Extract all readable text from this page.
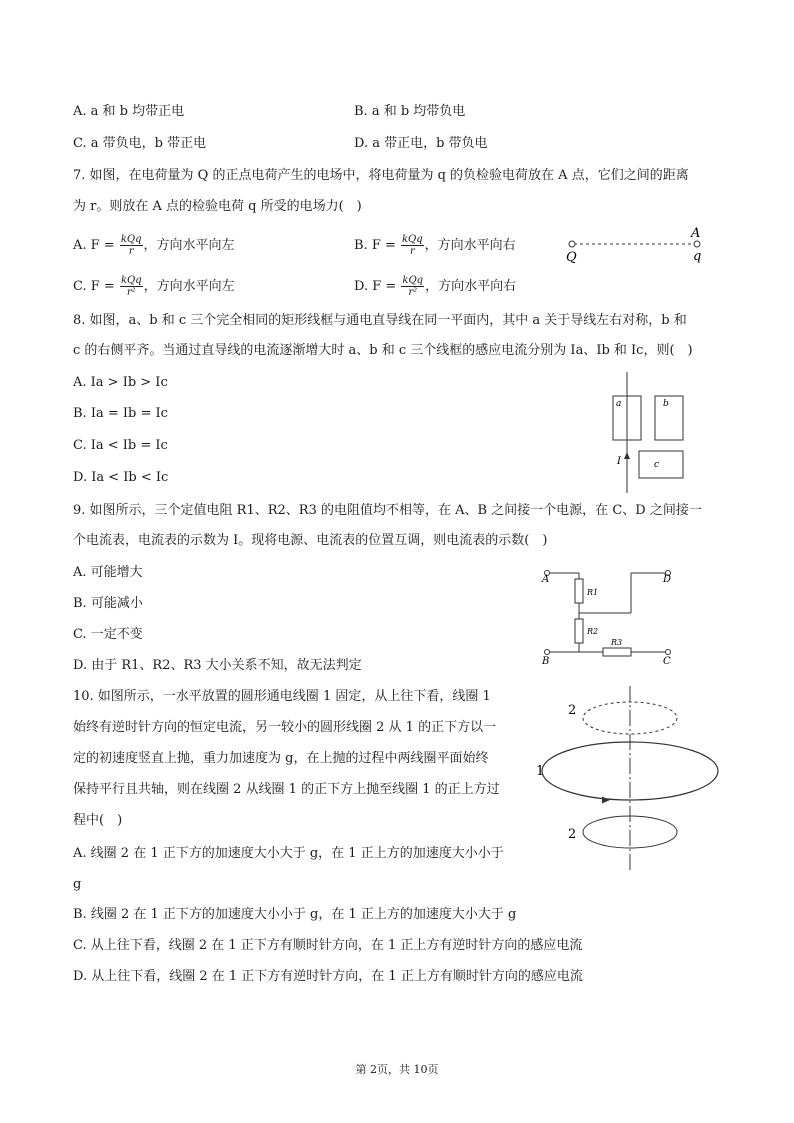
A. a 和 b 均带正电	B. a 和 b 均带负电
C. a 带负电，b 带正电	D. a 带正电，b 带负电
7. 如图，在电荷量为 Q 的正点电荷产生的电场中，将电荷量为 q 的负检验电荷放在 A 点，它们之间的距离
为 r。则放在 A 点的检验电荷 q 所受的电场力(　)
A. $F = \frac{\text{kQq}}{r}$ ，方向水平向左	B. $F = \frac{\text{kQq}}{r}$ ，方向水平向右
C. $F = \frac{\text{kQq}}{\text{r²}}$ ，方向水平向左	D. $F = \frac{\text{kQq}}{\text{r²}}$ ，方向水平向右
A
Q	q
8. 如图，a、b 和 c 三个完全相同的矩形线框与通电直导线在同一平面内，其中 a 关于导线左右对称，b 和
c 的右侧平齐。当通过直导线的电流逐渐增大时 a、b 和 c 三个线框的感应电流分别为 Ia、Ib 和 Ic，则(　)
A. Ia > Ib > Ic
B. Ia = Ib = Ic
C. Ia < Ib = Ic
D. Ia < Ib < Ic
a	b
c
I
9. 如图所示，三个定值电阻 R1、R2、R3 的电阻值均不相等，在 A、B 之间接一个电源，在 C、D 之间接一
个电流表，电流表的示数为 I。现将电源、电流表的位置互调，则电流表的示数(　)
A. 可能增大
B. 可能减小
C. 一定不变
D. 由于 R1、R2、R3 大小关系不知，故无法判定
A	D
B	C
R1
R2
R3
10. 如图所示，一水平放置的圆形通电线圈 1 固定，从上往下看，线圈 1
始终有逆时针方向的恒定电流，另一较小的圆形线圈 2 从 1 的正下方以一
定的初速度竖直上抛，重力加速度为 g，在上抛的过程中两线圈平面始终
保持平行且共轴，则在线圈 2 从线圈 1 的正下方上抛至线圈 1 的正上方过
程中(　)
A. 线圈 2 在 1 正下方的加速度大小大于 g，在 1 正上方的加速度大小小于
g
B. 线圈 2 在 1 正下方的加速度大小小于 g，在 1 正上方的加速度大小大于 g
C. 从上往下看，线圈 2 在 1 正下方有顺时针方向，在 1 正上方有逆时针方向的感应电流
D. 从上往下看，线圈 2 在 1 正下方有逆时针方向，在 1 正上方有顺时针方向的感应电流
2
1
2
第 2页，共 10页
